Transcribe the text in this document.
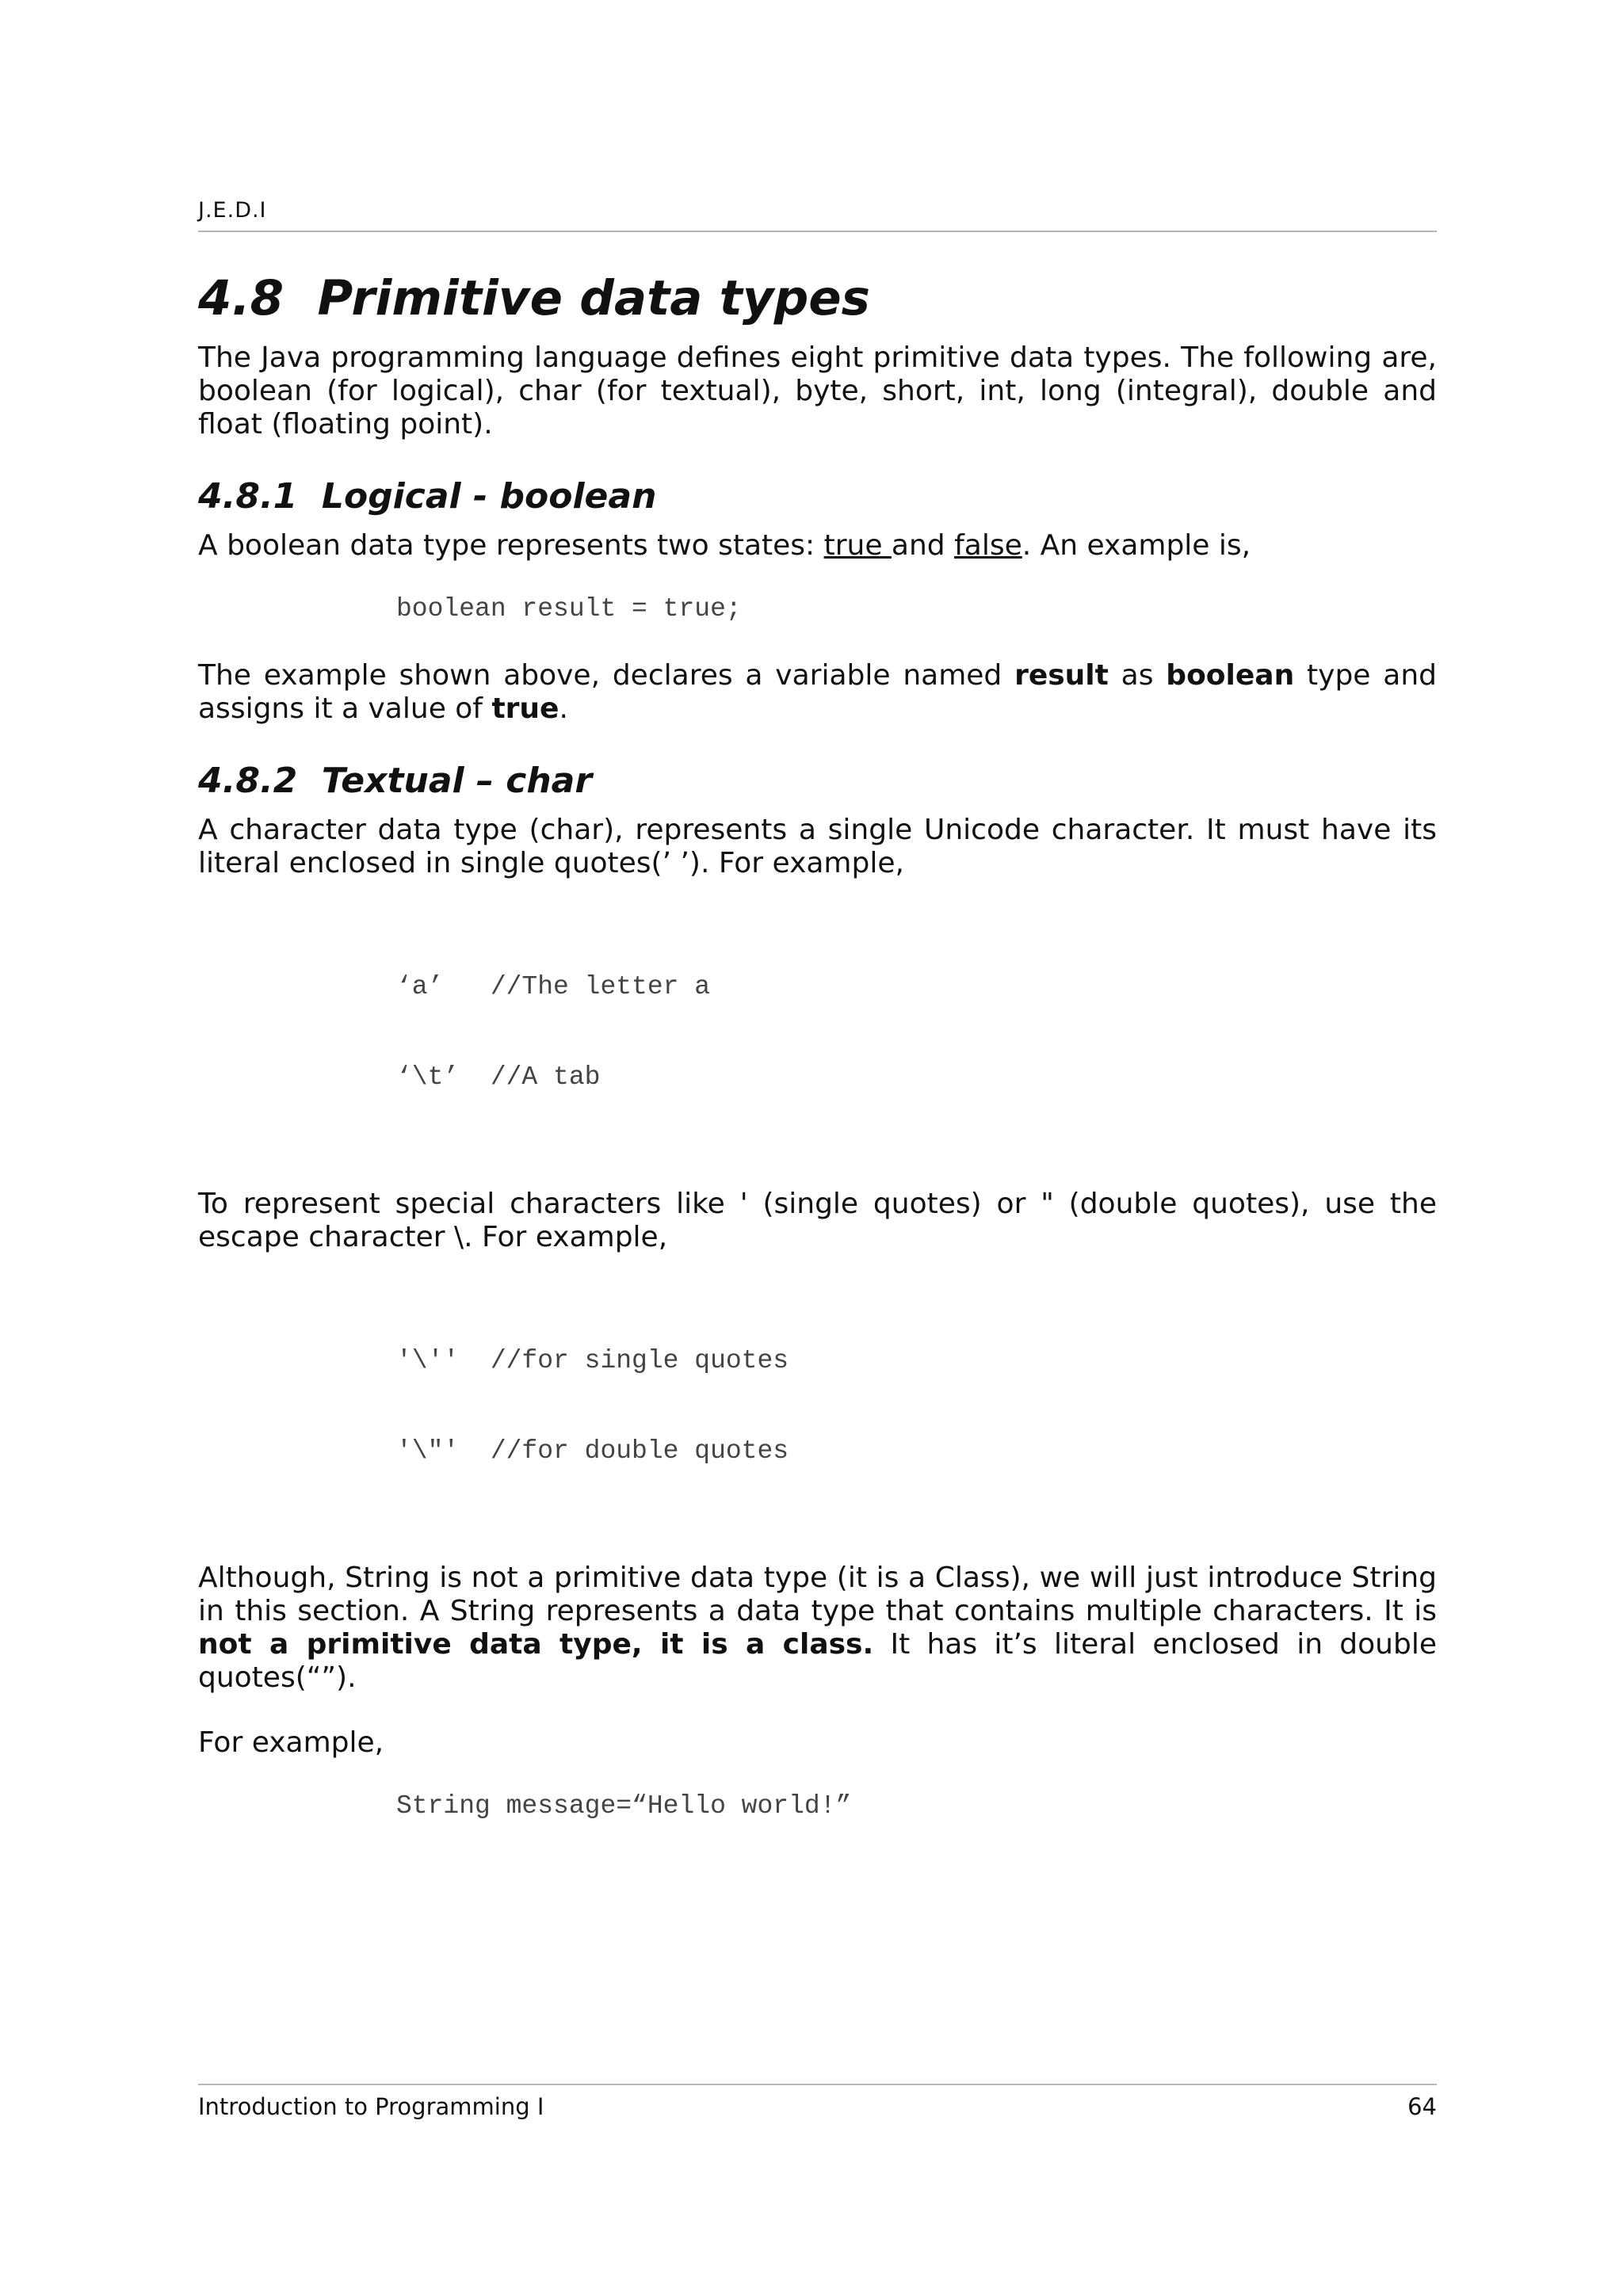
J.E.D.I
4.8 Primitive data types

The Java programming language defines eight primitive data types. The following are, boolean (for logical), char (for textual), byte, short, int, long (integral), double and float (floating point).

4.8.1 Logical - boolean

A boolean data type represents two states: true and false. An example is,

boolean result = true;

The example shown above, declares a variable named result as boolean type and assigns it a value of true.

4.8.2 Textual – char

A character data type (char), represents a single Unicode character. It must have its literal enclosed in single quotes(’ ’). For example,

‘a’   //The letter a

‘\t’  //A tab

To represent special characters like ' (single quotes) or " (double quotes), use the escape character \. For example,

'\''  //for single quotes

'\"'  //for double quotes

Although, String is not a primitive data type (it is a Class), we will just introduce String in this section. A String represents a data type that contains multiple characters. It is not a primitive data type, it is a class. It has it’s literal enclosed in double quotes(“”).

For example,

String message=“Hello world!”
Introduction to Programming I	64
